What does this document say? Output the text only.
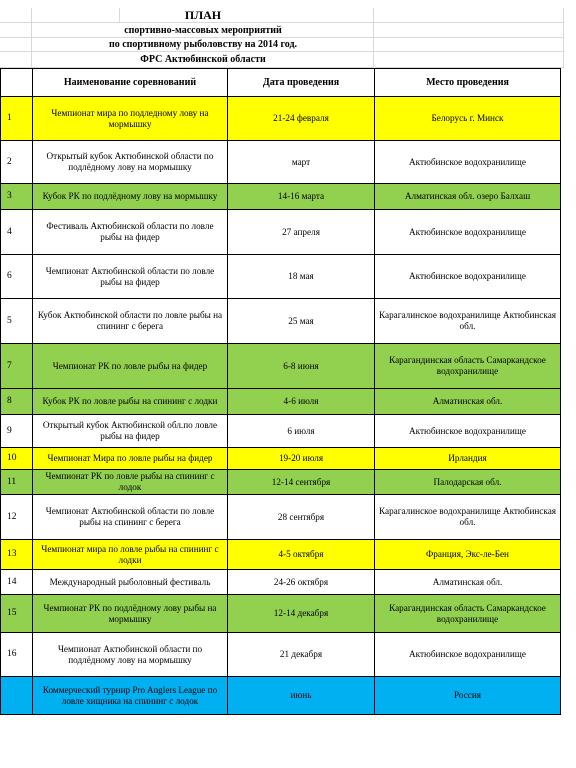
ПЛАН
спортивно-массовых мероприятий
по спортивному рыболовству на 2014 год.
ФРС Актюбинской области
	Наименование соревнований	Дата проведения	Место проведения
1	Чемпионат мира по подледному лову на мормышку	21-24 февраля	Белорусь г. Минск
2	Открытый кубок Актюбинской области по подлёдному лову на мормышку	март	Актюбинское водохранилище
3	Кубок РК по подлёдному лову на мормышку	14-16 марта	Алматинская обл. озеро Балхаш
4	Фестиваль Актюбинской области по ловле рыбы на фидер	27 апреля	Актюбинское водохранилище
6	Чемпионат Актюбинской области по ловле рыбы на фидер	18 мая	Актюбинское водохранилище
5	Кубок Актюбинской области по ловле рыбы на спининг с берега	25 мая	Карагалинское водохранилище Актюбинская обл.
7	Чемпионат РК по ловле рыбы на фидер	6-8 июня	Карагандинская область Самаркандское водохранилище
8	Кубок РК по ловле рыбы на спининг с лодки	4-6 июля	Алматинская обл.
9	Открытый кубок Актюбинской обл.по ловле рыбы на фидер	6 июля	Актюбинское водохранилище
10	Чемпионат Мира по ловле рыбы на фидер	19-20 июля	Ирландия
11	Чемпионат РК по ловле рыбы на спининг с лодок	12-14 сентября	Палодарская обл.
12	Чемпионат Актюбинской области по ловле рыбы на спининг с берега	28 сентября	Карагалинское водохранилище Актюбинская обл.
13	Чемпионат мира по ловле рыбы на спининг с лодки	4-5 октября	Франция, Экс-ле-Бен
14	Международный рыболовный фестиваль	24-26 октября	Алматинская обл.
15	Чемпионат РК по подлёдному лову рыбы на мормышку	12-14 декабря	Карагандинская область Самаркандское водохранилище
16	Чемпионат Актюбинской области по подлёдному лову на мормышку	21 декабря	Актюбинское водохранилище
	Коммерческий турнир Pro Anglers League по ловле хищника на спининг с лодок	июнь	Россия
